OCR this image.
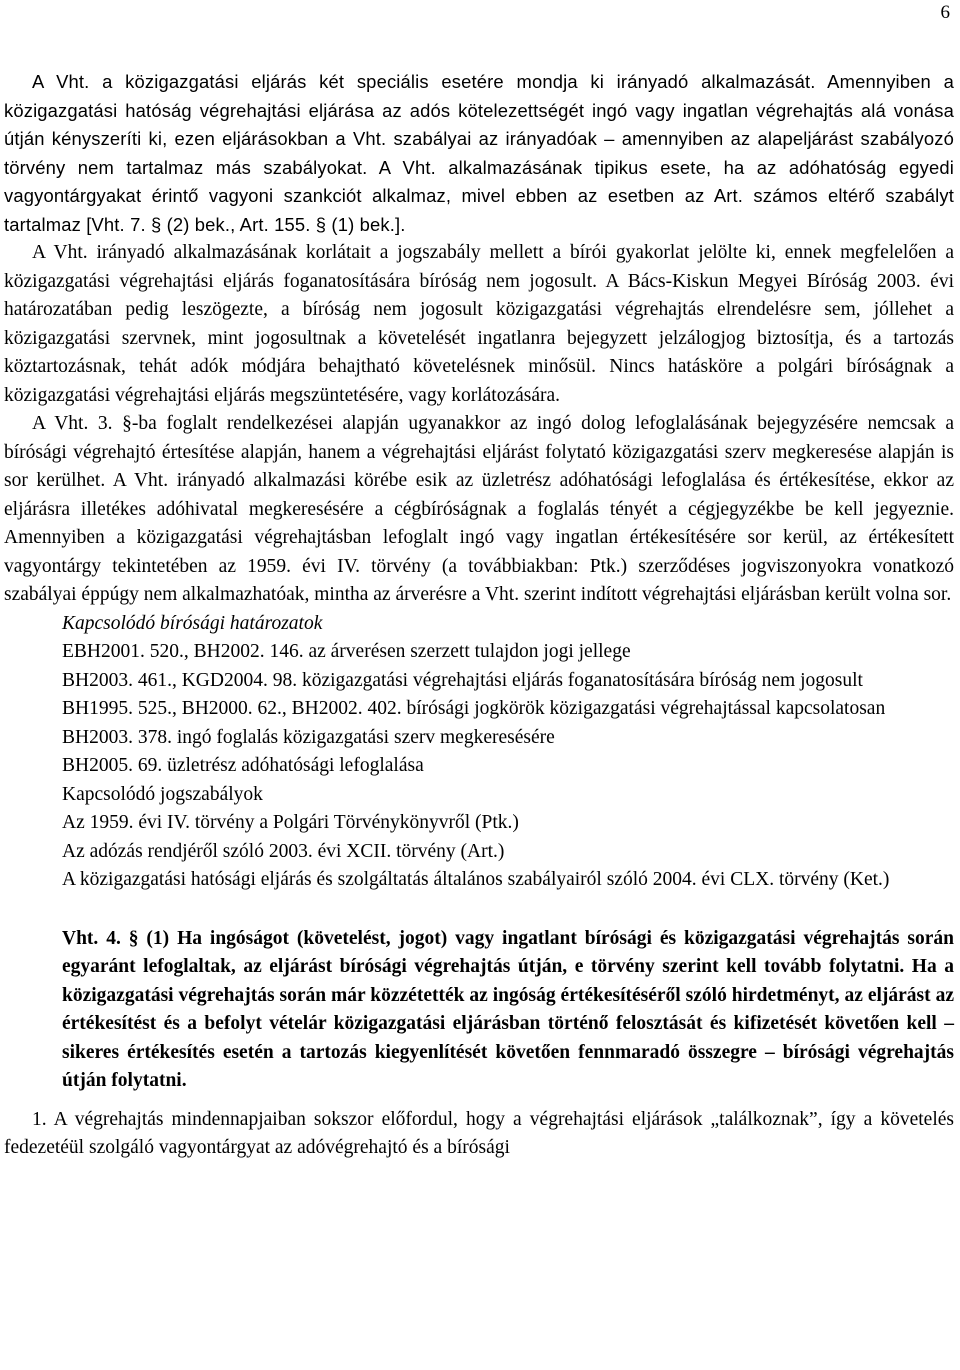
6

A Vht. a közigazgatási eljárás két speciális esetére mondja ki irányadó alkalmazását. Amennyiben a közigazgatási hatóság végrehajtási eljárása az adós kötelezettségét ingó vagy ingatlan végrehajtás alá vonása útján kényszeríti ki, ezen eljárásokban a Vht. szabályai az irányadóak – amennyiben az alapeljárást szabályozó törvény nem tartalmaz más szabályokat. A Vht. alkalmazásának tipikus esete, ha az adóhatóság egyedi vagyontárgyakat érintő vagyoni szankciót alkalmaz, mivel ebben az esetben az Art. számos eltérő szabályt tartalmaz [Vht. 7. § (2) bek., Art. 155. § (1) bek.].

A Vht. irányadó alkalmazásának korlátait a jogszabály mellett a bírói gyakorlat jelölte ki, ennek megfelelően a közigazgatási végrehajtási eljárás foganatosítására bíróság nem jogosult. A Bács-Kiskun Megyei Bíróság 2003. évi határozatában pedig leszögezte, a bíróság nem jogosult közigazgatási végrehajtás elrendelésre sem, jóllehet a közigazgatási szervnek, mint jogosultnak a követelését ingatlanra bejegyzett jelzálogjog biztosítja, és a tartozás köztartozásnak, tehát adók módjára behajtható követelésnek minősül. Nincs hatásköre a polgári bíróságnak a közigazgatási végrehajtási eljárás megszüntetésére, vagy korlátozására.

A Vht. 3. §-ba foglalt rendelkezései alapján ugyanakkor az ingó dolog lefoglalásának bejegyzésére nemcsak a bírósági végrehajtó értesítése alapján, hanem a végrehajtási eljárást folytató közigazgatási szerv megkeresése alapján is sor kerülhet. A Vht. irányadó alkalmazási körébe esik az üzletrész adóhatósági lefoglalása és értékesítése, ekkor az eljárásra illetékes adóhivatal megkeresésére a cégbíróságnak a foglalás tényét a cégjegyzékbe be kell jegyeznie. Amennyiben a közigazgatási végrehajtásban lefoglalt ingó vagy ingatlan értékesítésére sor kerül, az értékesített vagyontárgy tekintetében az 1959. évi IV. törvény (a továbbiakban: Ptk.) szerződéses jogviszonyokra vonatkozó szabályai éppúgy nem alkalmazhatóak, mintha az árverésre a Vht. szerint indított végrehajtási eljárásban került volna sor.

Kapcsolódó bírósági határozatok

EBH2001. 520., BH2002. 146. az árverésen szerzett tulajdon jogi jellege

BH2003. 461., KGD2004. 98. közigazgatási végrehajtási eljárás foganatosítására bíróság nem jogosult

BH1995. 525., BH2000. 62., BH2002. 402. bírósági jogkörök közigazgatási végrehajtással kapcsolatosan

BH2003. 378. ingó foglalás közigazgatási szerv megkeresésére

BH2005. 69. üzletrész adóhatósági lefoglalása

Kapcsolódó jogszabályok

Az 1959. évi IV. törvény a Polgári Törvénykönyvről (Ptk.)

Az adózás rendjéről szóló 2003. évi XCII. törvény (Art.)

A közigazgatási hatósági eljárás és szolgáltatás általános szabályairól szóló 2004. évi CLX. törvény (Ket.)

Vht. 4. § (1) Ha ingóságot (követelést, jogot) vagy ingatlant bírósági és közigazgatási végrehajtás során egyaránt lefoglaltak, az eljárást bírósági végrehajtás útján, e törvény szerint kell tovább folytatni. Ha a közigazgatási végrehajtás során már közzétették az ingóság értékesítéséről szóló hirdetményt, az eljárást az értékesítést és a befolyt vételár közigazgatási eljárásban történő felosztását és kifizetését követően kell – sikeres értékesítés esetén a tartozás kiegyenlítését követően fennmaradó összegre – bírósági végrehajtás útján folytatni.

1. A végrehajtás mindennapjaiban sokszor előfordul, hogy a végrehajtási eljárások „találkoznak”, így a követelés fedezetéül szolgáló vagyontárgyat az adóvégrehajtó és a bírósági
